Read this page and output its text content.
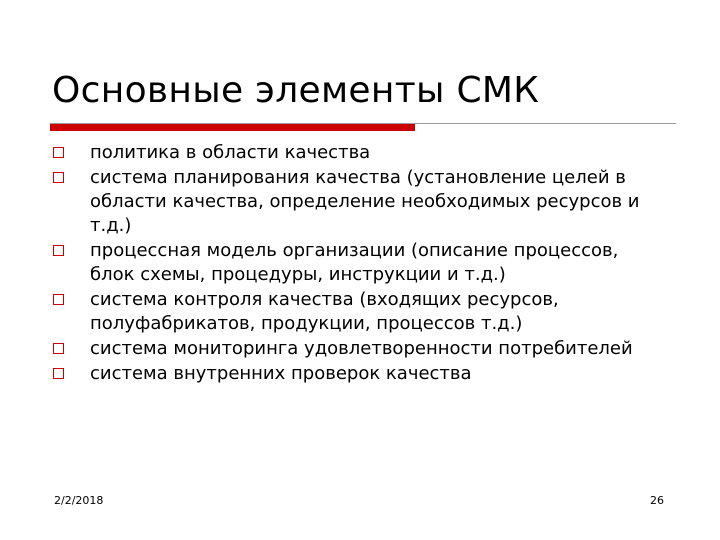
Основные элементы СМК
политика в области качества
система планирования качества (установление целей в области качества, определение необходимых ресурсов и т.д.)
процессная модель организации (описание процессов, блок схемы, процедуры, инструкции и т.д.)
система контроля качества (входящих ресурсов, полуфабрикатов, продукции, процессов т.д.)
система мониторинга удовлетворенности потребителей
система внутренних проверок качества
2/2/2018	26
